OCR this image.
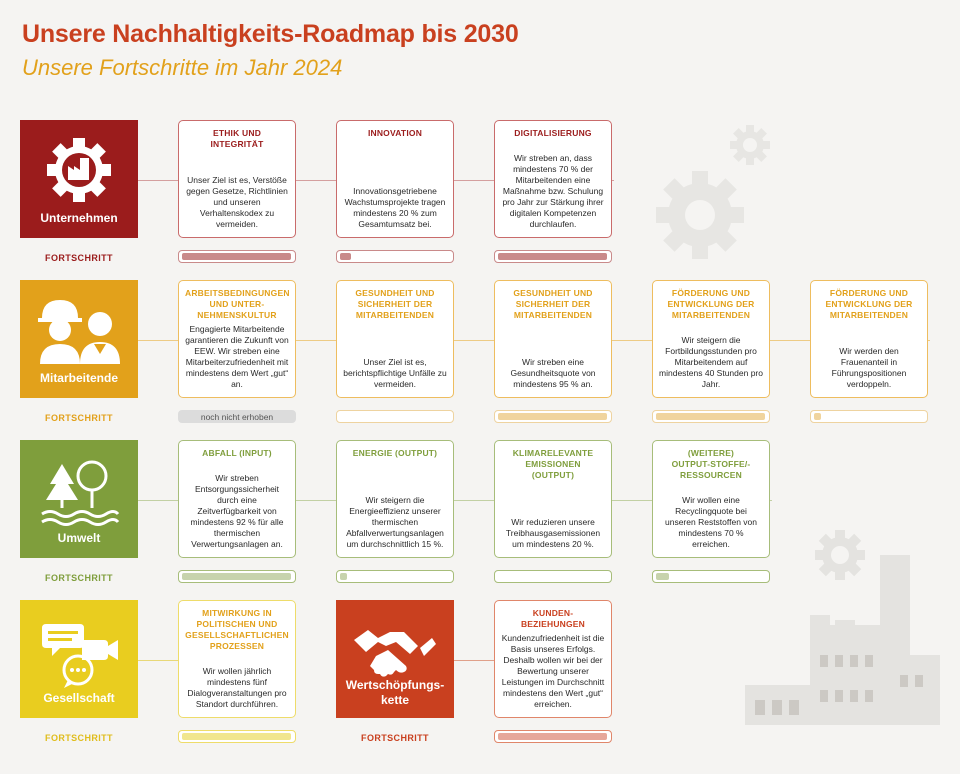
Unsere Nachhaltigkeits-Roadmap bis 2030
Unsere Fortschritte im Jahr 2024
Unternehmen
FORTSCHRITT
ETHIK UND
INTEGRITÄT
Unser Ziel ist es, Verstöße gegen Gesetze, Richtlinien und unseren Verhaltenskodex zu vermeiden.
INNOVATION
Innovationsgetriebene Wachstumsprojekte tragen mindestens 20 % zum Gesamtumsatz bei.
DIGITALISIERUNG
Wir streben an, dass mindestens 70 % der Mitarbeitenden eine Maßnahme bzw. Schulung pro Jahr zur Stärkung ihrer digitalen Kompetenzen durchlaufen.
Mitarbeitende
FORTSCHRITT
ARBEITSBEDINGUNGEN
UND UNTER-
NEHMENSKULTUR
Engagierte Mitarbeitende garantieren die Zukunft von EEW. Wir streben eine Mitarbeiterzufriedenheit mit mindestens dem Wert „gut“ an.
noch nicht erhoben
GESUNDHEIT UND
SICHERHEIT DER
MITARBEITENDEN
Unser Ziel ist es, berichtspflichtige Unfälle zu vermeiden.
GESUNDHEIT UND
SICHERHEIT DER
MITARBEITENDEN
Wir streben eine Gesundheitsquote von mindestens 95 % an.
FÖRDERUNG UND
ENTWICKLUNG DER
MITARBEITENDEN
Wir steigern die Fortbildungsstunden pro Mitarbeitendem auf mindestens 40 Stunden pro Jahr.
FÖRDERUNG UND
ENTWICKLUNG DER
MITARBEITENDEN
Wir werden den Frauenanteil in Führungspositionen verdoppeln.
Umwelt
FORTSCHRITT
ABFALL (INPUT)
Wir streben Entsorgungssicherheit durch eine Zeitverfügbarkeit von mindestens 92 % für alle thermischen Verwertungsanlagen an.
ENERGIE (OUTPUT)
Wir steigern die Energieeffizienz unserer thermischen Abfallverwertungsanlagen um durchschnittlich 15 %.
KLIMARELEVANTE
EMISSIONEN
(OUTPUT)
Wir reduzieren unsere Treibhausgasemissionen um mindestens 20 %.
(WEITERE)
OUTPUT-STOFFE/-
RESSOURCEN
Wir wollen eine Recyclingquote bei unseren Reststoffen von mindestens 70 % erreichen.
Gesellschaft
FORTSCHRITT
MITWIRKUNG IN
POLITISCHEN UND
GESELLSCHAFTLICHEN
PROZESSEN
Wir wollen jährlich mindestens fünf Dialogveranstaltungen pro Standort durchführen.
Wertschöpfungs-
kette
FORTSCHRITT
KUNDEN-
BEZIEHUNGEN
Kundenzufriedenheit ist die Basis unseres Erfolgs. Deshalb wollen wir bei der Bewertung unserer Leistungen im Durchschnitt mindestens den Wert „gut“ erreichen.
